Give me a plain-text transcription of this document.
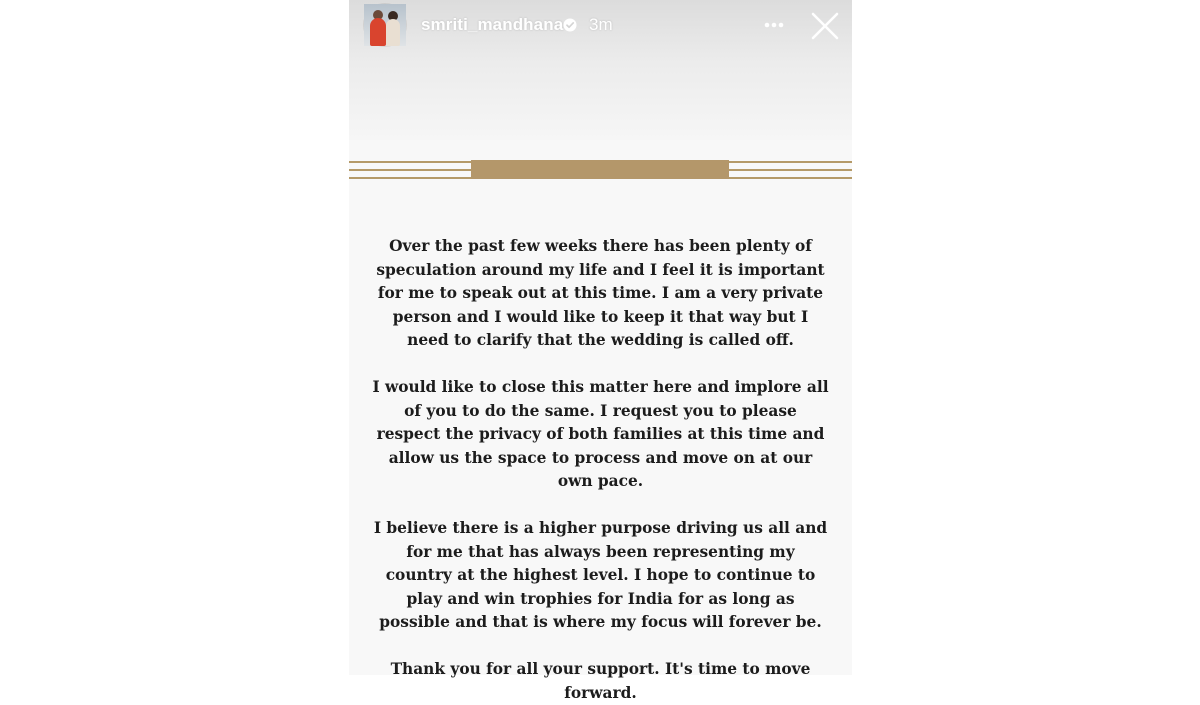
smriti_mandhana 3m

Over the past few weeks there has been plenty of speculation around my life and I feel it is important for me to speak out at this time. I am a very private person and I would like to keep it that way but I need to clarify that the wedding is called off.

I would like to close this matter here and implore all of you to do the same. I request you to please respect the privacy of both families at this time and allow us the space to process and move on at our own pace.

I believe there is a higher purpose driving us all and for me that has always been representing my country at the highest level. I hope to continue to play and win trophies for India for as long as possible and that is where my focus will forever be.

Thank you for all your support. It's time to move forward.
